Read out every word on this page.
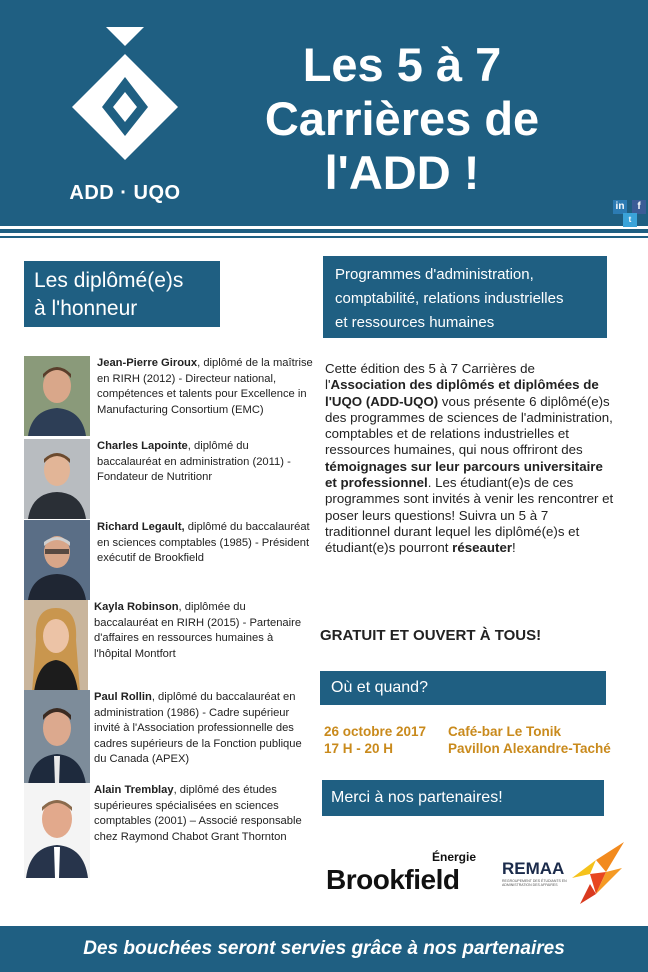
ADD · UQO
Les 5 à 7
Carrières de
l'ADD !
in	f
t
Les diplômé(e)s
à l'honneur
Programmes d'administration,
comptabilité, relations industrielles
et ressources humaines
Jean-Pierre Giroux, diplômé de la maîtrise en RIRH (2012) - Directeur national, compétences et talents pour Excellence in Manufacturing Consortium (EMC)
Charles Lapointe, diplômé du baccalauréat en administration (2011) - Fondateur de Nutritionr
Richard Legault, diplômé du baccalauréat en sciences comptables (1985) - Président exécutif de Brookfield
Kayla Robinson, diplômée du baccalauréat en RIRH (2015) - Partenaire d'affaires en ressources humaines à l'hôpital Montfort
Paul Rollin, diplômé du baccalauréat en administration (1986) - Cadre supérieur invité à l'Association professionnelle des cadres supérieurs de la Fonction publique du Canada (APEX)
Alain Tremblay, diplômé des études supérieures spécialisées en sciences comptables (2001) – Associé responsable chez Raymond Chabot Grant Thornton
Cette édition des 5 à 7 Carrières de l'Association des diplômés et diplômées de l'UQO (ADD-UQO) vous présente 6 diplômé(e)s des programmes de sciences de l'administration, comptables et de relations industrielles et ressources humaines, qui nous offriront des témoignages sur leur parcours universitaire et professionnel. Les étudiant(e)s de ces programmes sont invités à venir les rencontrer et poser leurs questions! Suivra un 5 à 7 traditionnel durant lequel les diplômé(e)s et étudiant(e)s pourront réseauter!
GRATUIT ET OUVERT À TOUS!
Où et quand?
26 octobre 2017
17 H - 20 H
Café-bar Le Tonik
Pavillon Alexandre-Taché
Merci à nos partenaires!
Énergie
Brookfield	REMAA
REGROUPEMENT DES ÉTUDIANTS EN ADMINISTRATION DES AFFAIRES
Des bouchées seront servies grâce à nos partenaires
